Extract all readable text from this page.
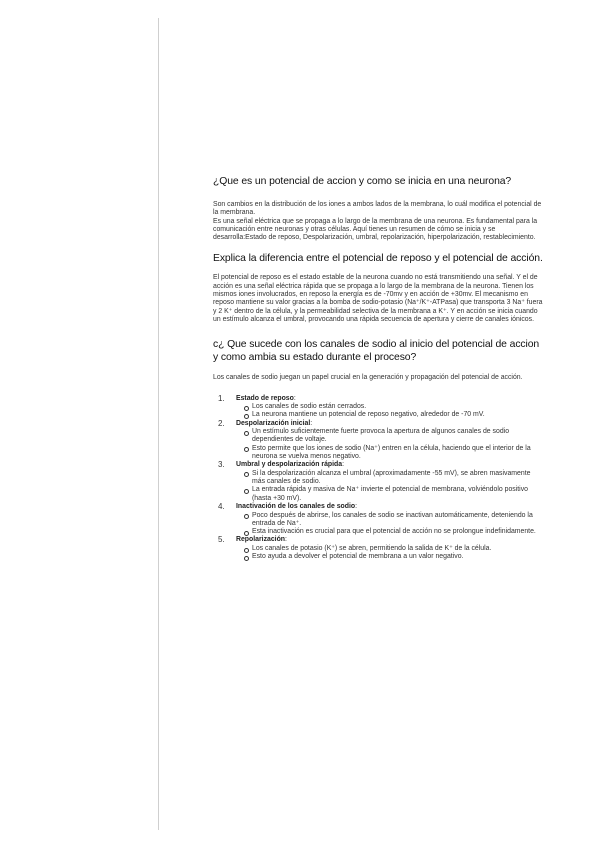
¿Que es un potencial de accion y como se inicia en una neurona?
Son cambios en la distribución de los iones a ambos lados de la membrana, lo cuál modifica el potencial de la membrana.
Es una señal eléctrica que se propaga a lo largo de la membrana de una neurona. Es fundamental para la comunicación entre neuronas y otras células. Aquí tienes un resumen de cómo se inicia y se desarrolla:Estado de reposo, Despolarización, umbral, repolarización, hiperpolarización, restablecimiento.
Explica la diferencia entre el potencial de reposo y el potencial de acción.
El potencial de reposo es el estado estable de la neurona cuando no está transmitiendo una señal. Y el de acción es una señal eléctrica rápida que se propaga a lo largo de la membrana de la neurona. Tienen los mismos iones involucrados, en reposo la energía es de -70mv y en acción de +30mv. El mecanismo en reposo mantiene su valor gracias a la bomba de sodio-potasio (Na⁺/K⁺-ATPasa) que transporta 3 Na⁺ fuera y 2 K⁺ dentro de la célula, y la permeabilidad selectiva de la membrana a K⁺. Y en acción se inicia cuando un estímulo alcanza el umbral, provocando una rápida secuencia de apertura y cierre de canales iónicos.
c¿ Que sucede con los canales de sodio al inicio del potencial de accion y como ambia su estado durante el proceso?
Los canales de sodio juegan un papel crucial en la generación y propagación del potencial de acción.
1. Estado de reposo:
Los canales de sodio están cerrados.
La neurona mantiene un potencial de reposo negativo, alrededor de -70 mV.
2. Despolarización inicial:
Un estímulo suficientemente fuerte provoca la apertura de algunos canales de sodio dependientes de voltaje.
Esto permite que los iones de sodio (Na⁺) entren en la célula, haciendo que el interior de la neurona se vuelva menos negativo.
3. Umbral y despolarización rápida:
Si la despolarización alcanza el umbral (aproximadamente -55 mV), se abren masivamente más canales de sodio.
La entrada rápida y masiva de Na⁺ invierte el potencial de membrana, volviéndolo positivo (hasta +30 mV).
4. Inactivación de los canales de sodio:
Poco después de abrirse, los canales de sodio se inactivan automáticamente, deteniendo la entrada de Na⁺.
Esta inactivación es crucial para que el potencial de acción no se prolongue indefinidamente.
5. Repolarización:
Los canales de potasio (K⁺) se abren, permitiendo la salida de K⁺ de la célula.
Esto ayuda a devolver el potencial de membrana a un valor negativo.
